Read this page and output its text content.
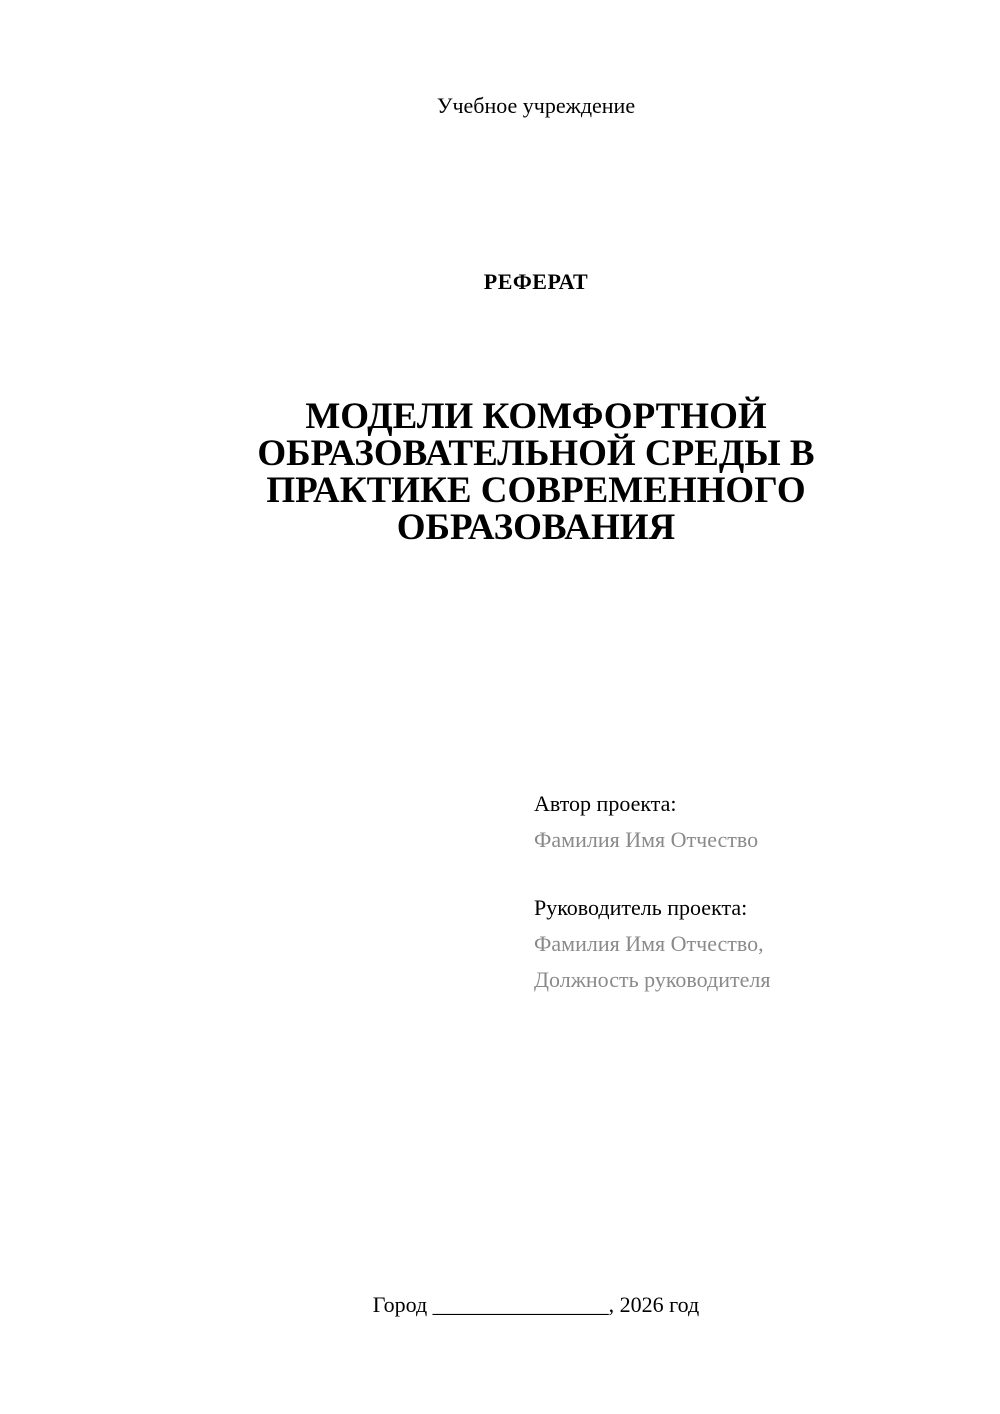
Учебное учреждение
РЕФЕРАТ
МОДЕЛИ КОМФОРТНОЙ
ОБРАЗОВАТЕЛЬНОЙ СРЕДЫ В
ПРАКТИКЕ СОВРЕМЕННОГО
ОБРАЗОВАНИЯ
Автор проекта:
Фамилия Имя Отчество
Руководитель проекта:
Фамилия Имя Отчество,
Должность руководителя
Город ________________, 2026 год
